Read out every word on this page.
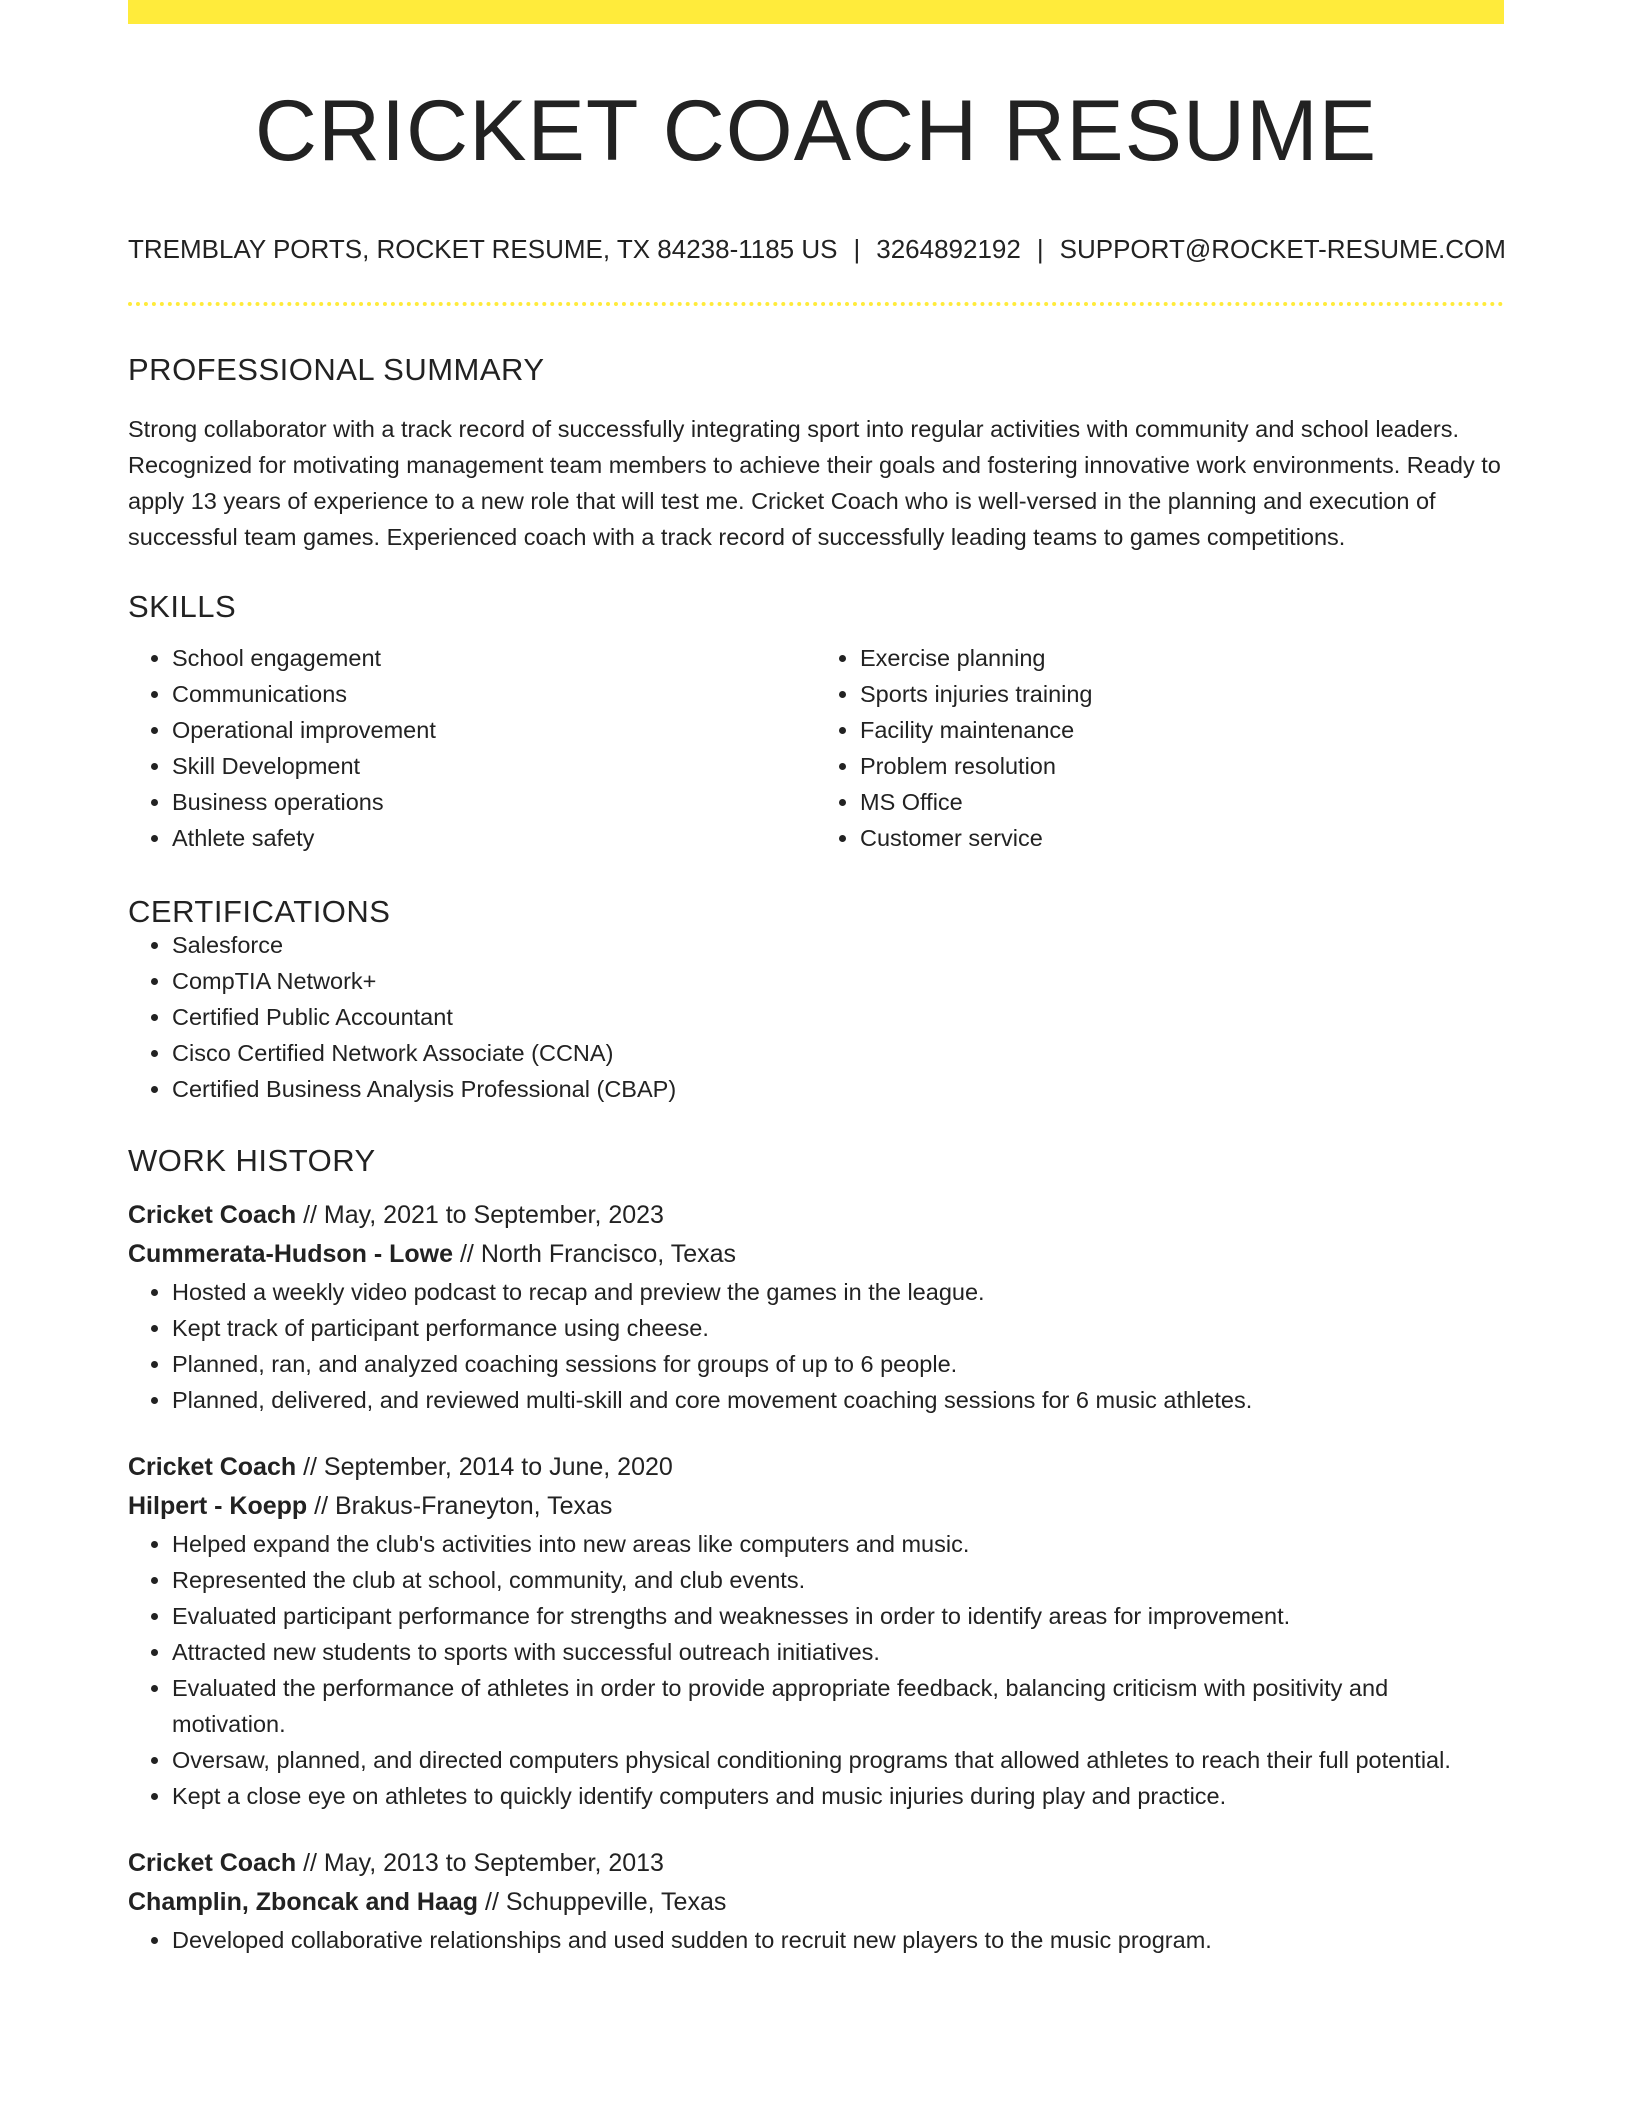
CRICKET COACH RESUME
TREMBLAY PORTS, ROCKET RESUME, TX 84238-1185 US | 3264892192 | SUPPORT@ROCKET-RESUME.COM
PROFESSIONAL SUMMARY

Strong collaborator with a track record of successfully integrating sport into regular activities with community and school leaders. Recognized for motivating management team members to achieve their goals and fostering innovative work environments. Ready to apply 13 years of experience to a new role that will test me. Cricket Coach who is well-versed in the planning and execution of successful team games. Experienced coach with a track record of successfully leading teams to games competitions.

SKILLS
• School engagement
• Communications
• Operational improvement
• Skill Development
• Business operations
• Athlete safety
• Exercise planning
• Sports injuries training
• Facility maintenance
• Problem resolution
• MS Office
• Customer service
CERTIFICATIONS
• Salesforce
• CompTIA Network+
• Certified Public Accountant
• Cisco Certified Network Associate (CCNA)
• Certified Business Analysis Professional (CBAP)
WORK HISTORY
Cricket Coach // May, 2021 to September, 2023
Cummerata-Hudson - Lowe // North Francisco, Texas
• Hosted a weekly video podcast to recap and preview the games in the league.
• Kept track of participant performance using cheese.
• Planned, ran, and analyzed coaching sessions for groups of up to 6 people.
• Planned, delivered, and reviewed multi-skill and core movement coaching sessions for 6 music athletes.
Cricket Coach // September, 2014 to June, 2020
Hilpert - Koepp // Brakus-Franeyton, Texas
• Helped expand the club's activities into new areas like computers and music.
• Represented the club at school, community, and club events.
• Evaluated participant performance for strengths and weaknesses in order to identify areas for improvement.
• Attracted new students to sports with successful outreach initiatives.
• Evaluated the performance of athletes in order to provide appropriate feedback, balancing criticism with positivity and motivation.
• Oversaw, planned, and directed computers physical conditioning programs that allowed athletes to reach their full potential.
• Kept a close eye on athletes to quickly identify computers and music injuries during play and practice.
Cricket Coach // May, 2013 to September, 2013
Champlin, Zboncak and Haag // Schuppeville, Texas
• Developed collaborative relationships and used sudden to recruit new players to the music program.
